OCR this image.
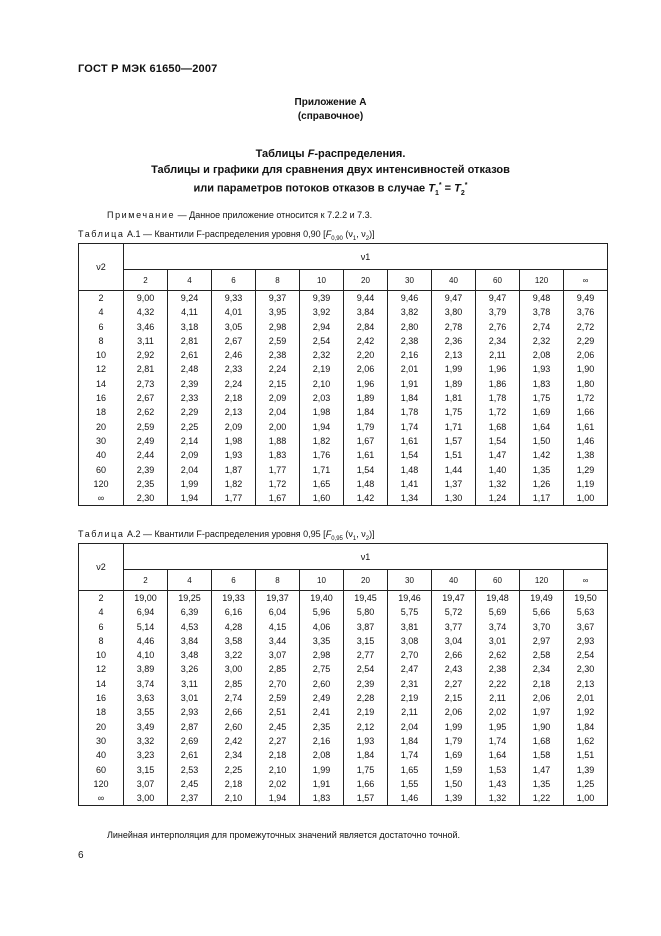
ГОСТ Р МЭК 61650—2007
Приложение А
(справочное)
Таблицы F-распределения.
Таблицы и графики для сравнения двух интенсивностей отказов
или параметров потоков отказов в случае $T_1^* = T_2^*$
Примечание — Данное приложение относится к 7.2.2 и 7.3.
Таблица А.1 — Квантили F-распределения уровня 0,90 [$F_{0,90}$ ($\nu_1$, $\nu_2$)]
ν2	ν1										
	2	4	6	8	10	20	30	40	60	120	∞
2	9,00	9,24	9,33	9,37	9,39	9,44	9,46	9,47	9,47	9,48	9,49
4	4,32	4,11	4,01	3,95	3,92	3,84	3,82	3,80	3,79	3,78	3,76
6	3,46	3,18	3,05	2,98	2,94	2,84	2,80	2,78	2,76	2,74	2,72
8	3,11	2,81	2,67	2,59	2,54	2,42	2,38	2,36	2,34	2,32	2,29
10	2,92	2,61	2,46	2,38	2,32	2,20	2,16	2,13	2,11	2,08	2,06
12	2,81	2,48	2,33	2,24	2,19	2,06	2,01	1,99	1,96	1,93	1,90
14	2,73	2,39	2,24	2,15	2,10	1,96	1,91	1,89	1,86	1,83	1,80
16	2,67	2,33	2,18	2,09	2,03	1,89	1,84	1,81	1,78	1,75	1,72
18	2,62	2,29	2,13	2,04	1,98	1,84	1,78	1,75	1,72	1,69	1,66
20	2,59	2,25	2,09	2,00	1,94	1,79	1,74	1,71	1,68	1,64	1,61
30	2,49	2,14	1,98	1,88	1,82	1,67	1,61	1,57	1,54	1,50	1,46
40	2,44	2,09	1,93	1,83	1,76	1,61	1,54	1,51	1,47	1,42	1,38
60	2,39	2,04	1,87	1,77	1,71	1,54	1,48	1,44	1,40	1,35	1,29
120	2,35	1,99	1,82	1,72	1,65	1,48	1,41	1,37	1,32	1,26	1,19
∞	2,30	1,94	1,77	1,67	1,60	1,42	1,34	1,30	1,24	1,17	1,00
Таблица А.2 — Квантили F-распределения уровня 0,95 [$F_{0,95}$ ($\nu_1$, $\nu_2$)]
ν2	ν1										
	2	4	6	8	10	20	30	40	60	120	∞
2	19,00	19,25	19,33	19,37	19,40	19,45	19,46	19,47	19,48	19,49	19,50
4	6,94	6,39	6,16	6,04	5,96	5,80	5,75	5,72	5,69	5,66	5,63
6	5,14	4,53	4,28	4,15	4,06	3,87	3,81	3,77	3,74	3,70	3,67
8	4,46	3,84	3,58	3,44	3,35	3,15	3,08	3,04	3,01	2,97	2,93
10	4,10	3,48	3,22	3,07	2,98	2,77	2,70	2,66	2,62	2,58	2,54
12	3,89	3,26	3,00	2,85	2,75	2,54	2,47	2,43	2,38	2,34	2,30
14	3,74	3,11	2,85	2,70	2,60	2,39	2,31	2,27	2,22	2,18	2,13
16	3,63	3,01	2,74	2,59	2,49	2,28	2,19	2,15	2,11	2,06	2,01
18	3,55	2,93	2,66	2,51	2,41	2,19	2,11	2,06	2,02	1,97	1,92
20	3,49	2,87	2,60	2,45	2,35	2,12	2,04	1,99	1,95	1,90	1,84
30	3,32	2,69	2,42	2,27	2,16	1,93	1,84	1,79	1,74	1,68	1,62
40	3,23	2,61	2,34	2,18	2,08	1,84	1,74	1,69	1,64	1,58	1,51
60	3,15	2,53	2,25	2,10	1,99	1,75	1,65	1,59	1,53	1,47	1,39
120	3,07	2,45	2,18	2,02	1,91	1,66	1,55	1,50	1,43	1,35	1,25
∞	3,00	2,37	2,10	1,94	1,83	1,57	1,46	1,39	1,32	1,22	1,00
Линейная интерполяция для промежуточных значений является достаточно точной.
6
